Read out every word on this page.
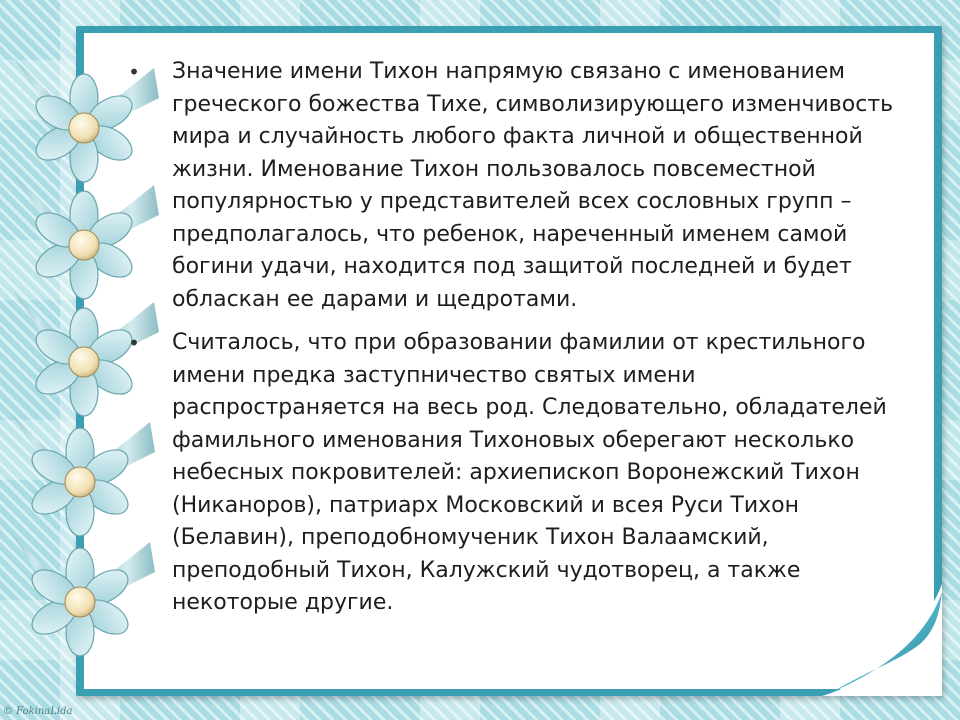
• Значение имени Тихон напрямую связано с именованием греческого божества Тихе, символизирующего изменчивость мира и случайность любого факта личной и общественной жизни. Именование Тихон пользовалось повсеместной популярностью у представителей всех сословных групп – предполагалось, что ребенок, нареченный именем самой богини удачи, находится под защитой последней и будет обласкан ее дарами и щедротами.
• Считалось, что при образовании фамилии от крестильного имени предка заступничество святых имени распространяется на весь род. Следовательно, обладателей фамильного именования Тихоновых оберегают несколько небесных покровителей: архиепископ Воронежский Тихон (Никаноров), патриарх Московский и всея Руси Тихон (Белавин), преподобномученик Тихон Валаамский, преподобный Тихон, Калужский чудотворец, а также некоторые другие.
© FokinaLida
